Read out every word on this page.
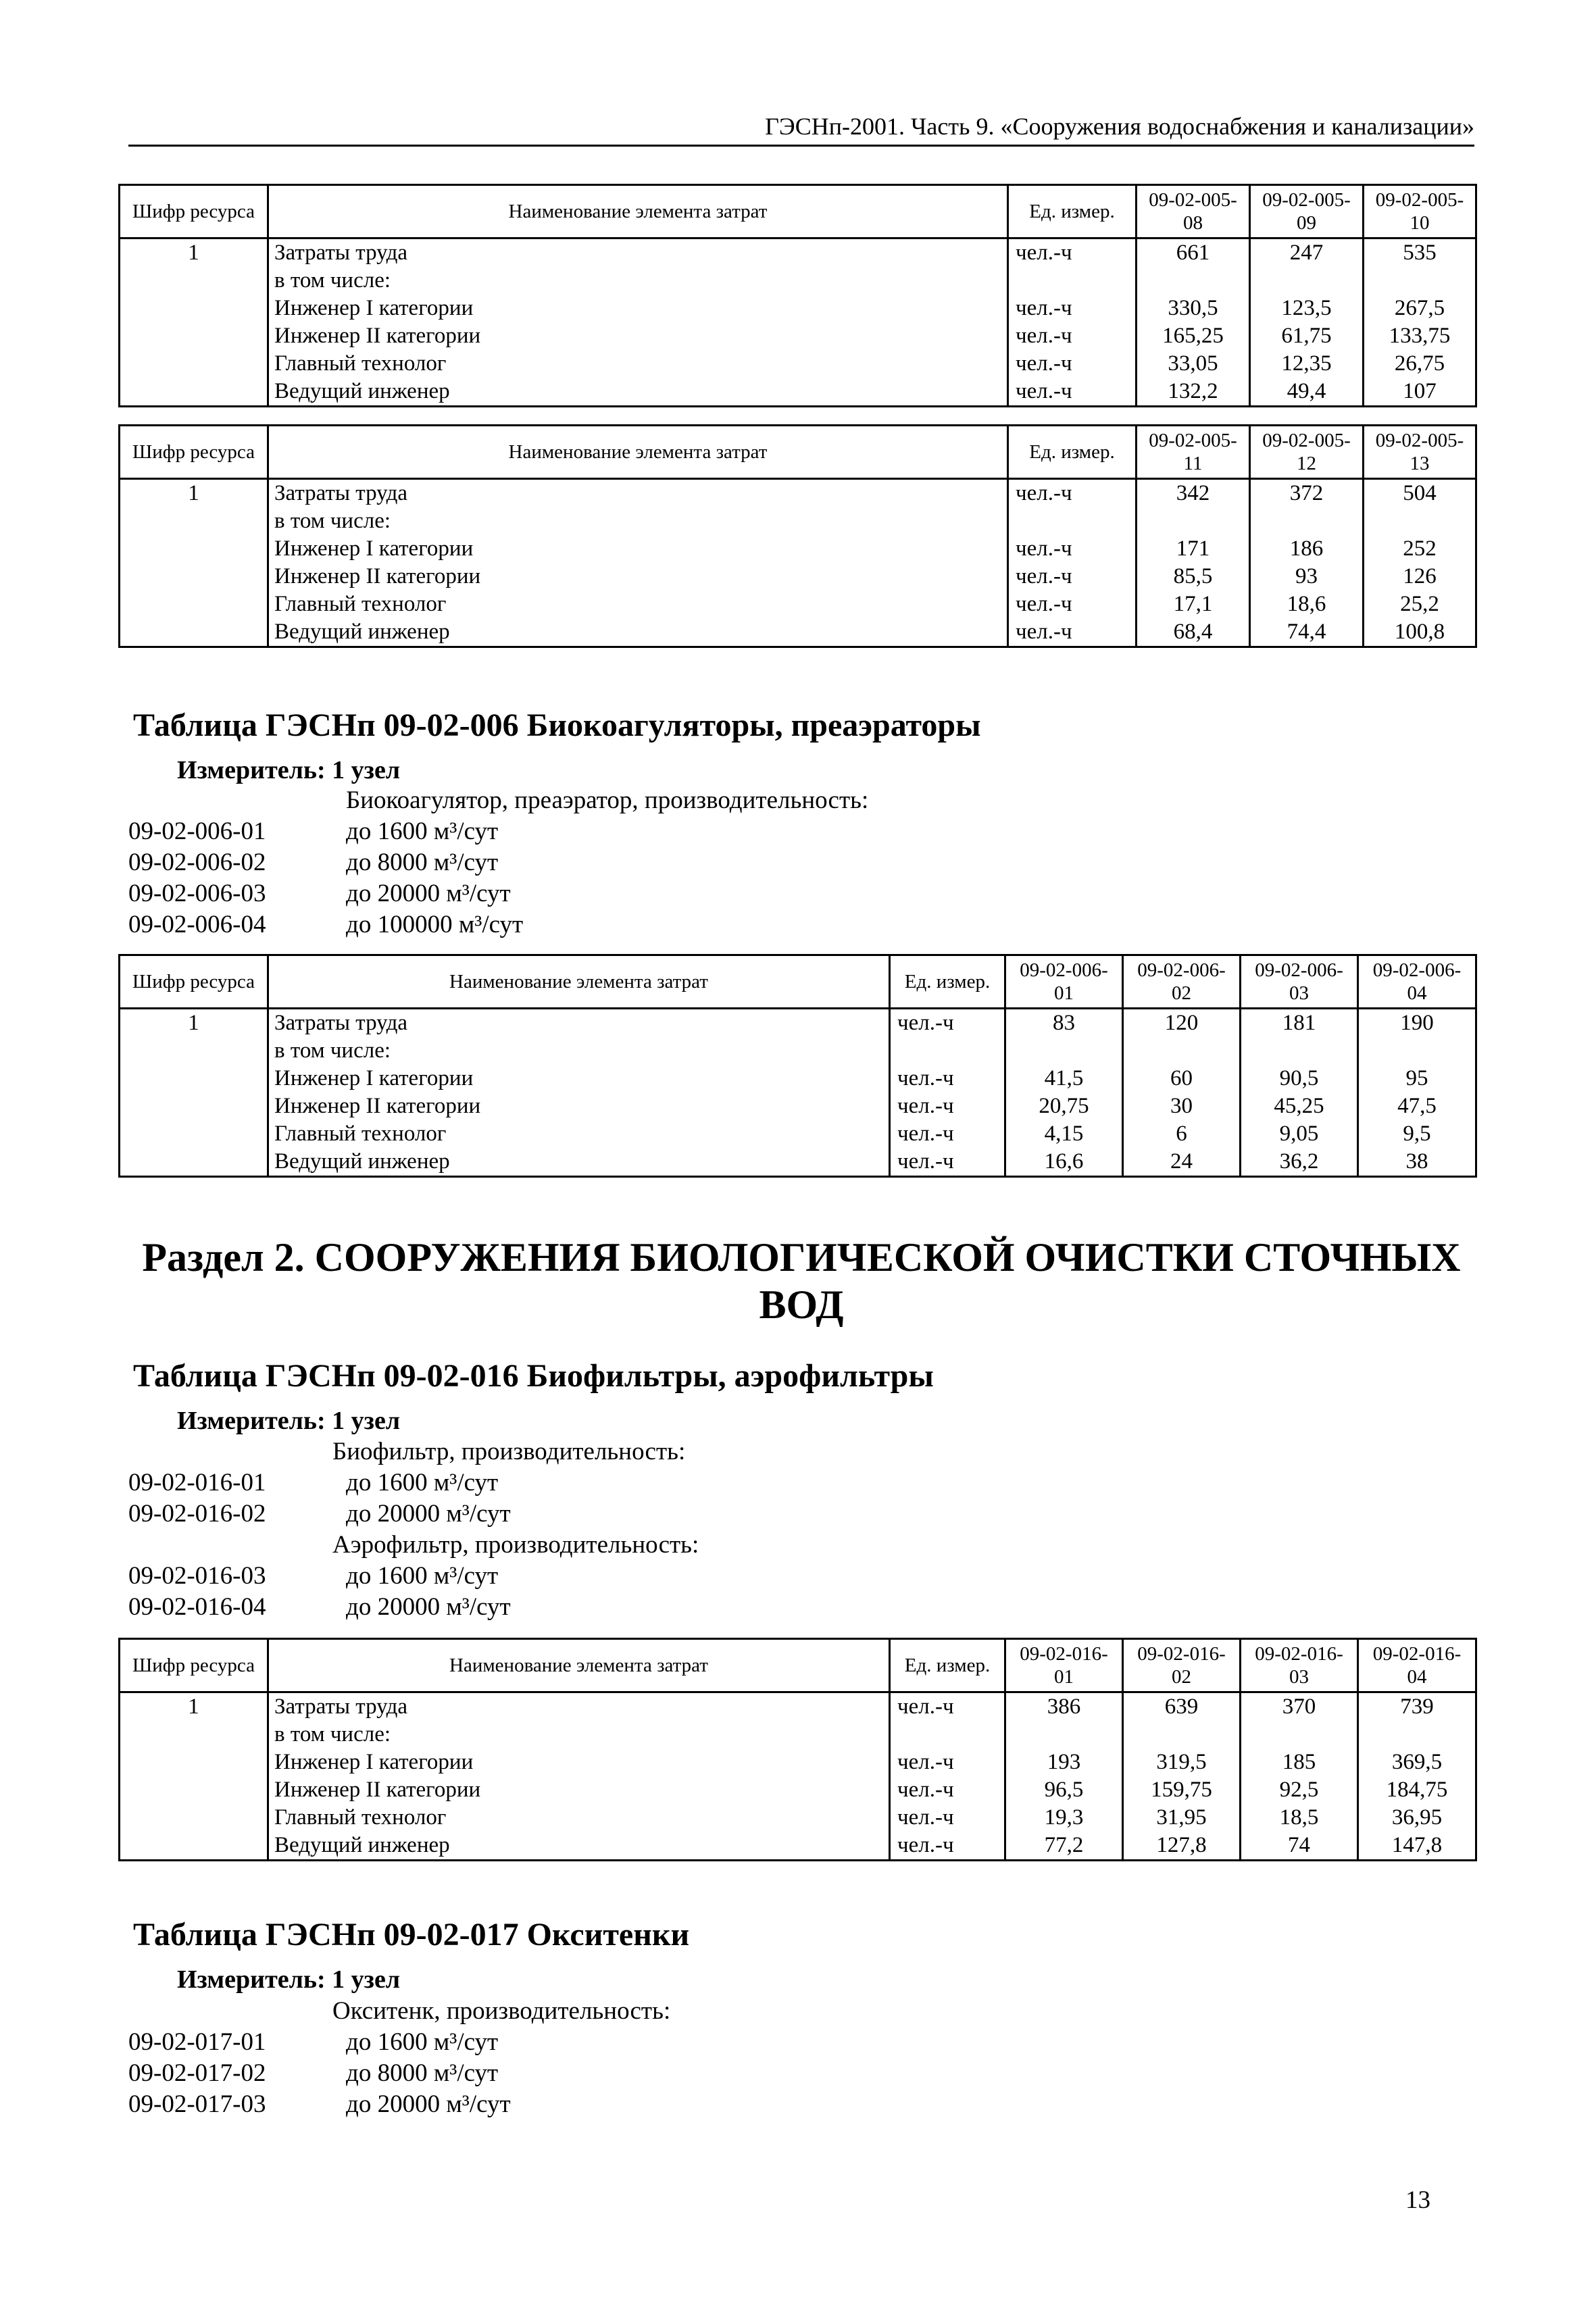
ГЭСНп-2001. Часть 9. «Сооружения водоснабжения и канализации»
Шифр ресурса	Наименование элемента затрат	Ед. измер.	09-02-005-08	09-02-005-09	09-02-005-10
1	Затраты труда	чел.-ч	661	247	535
	в том числе:				
	Инженер I категории	чел.-ч	330,5	123,5	267,5
	Инженер II категории	чел.-ч	165,25	61,75	133,75
	Главный технолог	чел.-ч	33,05	12,35	26,75
	Ведущий инженер	чел.-ч	132,2	49,4	107
Шифр ресурса	Наименование элемента затрат	Ед. измер.	09-02-005-11	09-02-005-12	09-02-005-13
1	Затраты труда	чел.-ч	342	372	504
	в том числе:				
	Инженер I категории	чел.-ч	171	186	252
	Инженер II категории	чел.-ч	85,5	93	126
	Главный технолог	чел.-ч	17,1	18,6	25,2
	Ведущий инженер	чел.-ч	68,4	74,4	100,8
Таблица ГЭСНп 09-02-006 Биокоагуляторы, преаэраторы
Измеритель: 1 узел
Биокоагулятор, преаэратор, производительность:
09-02-006-01	до 1600 м³/сут
09-02-006-02	до 8000 м³/сут
09-02-006-03	до 20000 м³/сут
09-02-006-04	до 100000 м³/сут
Шифр ресурса	Наименование элемента затрат	Ед. измер.	09-02-006-01	09-02-006-02	09-02-006-03	09-02-006-04
1	Затраты труда	чел.-ч	83	120	181	190
	в том числе:					
	Инженер I категории	чел.-ч	41,5	60	90,5	95
	Инженер II категории	чел.-ч	20,75	30	45,25	47,5
	Главный технолог	чел.-ч	4,15	6	9,05	9,5
	Ведущий инженер	чел.-ч	16,6	24	36,2	38
Раздел 2. СООРУЖЕНИЯ БИОЛОГИЧЕСКОЙ ОЧИСТКИ СТОЧНЫХ ВОД
Таблица ГЭСНп 09-02-016 Биофильтры, аэрофильтры
Измеритель: 1 узел
Биофильтр, производительность:
09-02-016-01	до 1600 м³/сут
09-02-016-02	до 20000 м³/сут
Аэрофильтр, производительность:
09-02-016-03	до 1600 м³/сут
09-02-016-04	до 20000 м³/сут
Шифр ресурса	Наименование элемента затрат	Ед. измер.	09-02-016-01	09-02-016-02	09-02-016-03	09-02-016-04
1	Затраты труда	чел.-ч	386	639	370	739
	в том числе:					
	Инженер I категории	чел.-ч	193	319,5	185	369,5
	Инженер II категории	чел.-ч	96,5	159,75	92,5	184,75
	Главный технолог	чел.-ч	19,3	31,95	18,5	36,95
	Ведущий инженер	чел.-ч	77,2	127,8	74	147,8
Таблица ГЭСНп 09-02-017 Окситенки
Измеритель: 1 узел
Окситенк, производительность:
09-02-017-01	до 1600 м³/сут
09-02-017-02	до 8000 м³/сут
09-02-017-03	до 20000 м³/сут
13
